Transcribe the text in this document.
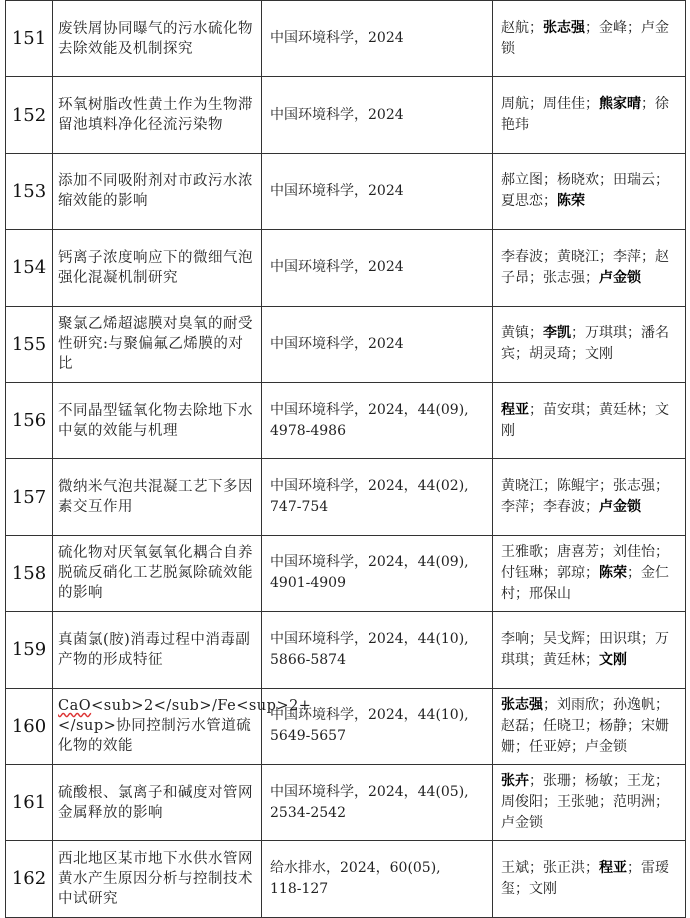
151	废铁屑协同曝气的污水硫化物去除效能及机制探究	中国环境科学，2024	赵航；张志强；金峰；卢金锁
152	环氧树脂改性黄土作为生物滞留池填料净化径流污染物	中国环境科学，2024	周航；周佳佳；熊家晴；徐艳玮
153	添加不同吸附剂对市政污水浓缩效能的影响	中国环境科学，2024	郝立图；杨晓欢；田瑞云；夏思恋；陈荣
154	钙离子浓度响应下的微细气泡强化混凝机制研究	中国环境科学，2024	李春波；黄晓江；李萍；赵子昂；张志强；卢金锁
155	聚氯乙烯超滤膜对臭氧的耐受性研究:与聚偏氟乙烯膜的对比	中国环境科学，2024	黄镇；李凯；万琪琪；潘名宾；胡灵琦；文刚
156	不同晶型锰氧化物去除地下水中氨的效能与机理	中国环境科学，2024，44(09),
4978-4986	程亚；苗安琪；黄廷林；文刚
157	微纳米气泡共混凝工艺下多因素交互作用	中国环境科学，2024，44(02),
747-754	黄晓江；陈鲲宇；张志强；李萍；李春波；卢金锁
158	硫化物对厌氧氨氧化耦合自养脱硫反硝化工艺脱氮除硫效能的影响	中国环境科学，2024，44(09),
4901-4909	王雅歌；唐喜芳；刘佳怡；付钰琳；郭琼；陈荣；金仁村；邢保山
159	真菌氯(胺)消毒过程中消毒副产物的形成特征	中国环境科学，2024，44(10),
5866-5874	李响；吴戈辉；田识琪；万琪琪；黄廷林；文刚
160	CaO<sub>2</sub>/Fe<sup>2+</sup>协同控制污水管道硫化物的效能	中国环境科学，2024，44(10),
5649-5657	张志强；刘雨欣；孙逸帆；赵磊；任晓卫；杨静；宋姗姗；任亚婷；卢金锁
161	硫酸根、氯离子和碱度对管网金属释放的影响	中国环境科学，2024，44(05),
2534-2542	张卉；张珊；杨敏；王龙；周俊阳；王张驰；范明洲；卢金锁
162	西北地区某市地下水供水管网黄水产生原因分析与控制技术中试研究	给水排水，2024，60(05),
118-127	王斌；张正洪；程亚；雷瑷玺；文刚
